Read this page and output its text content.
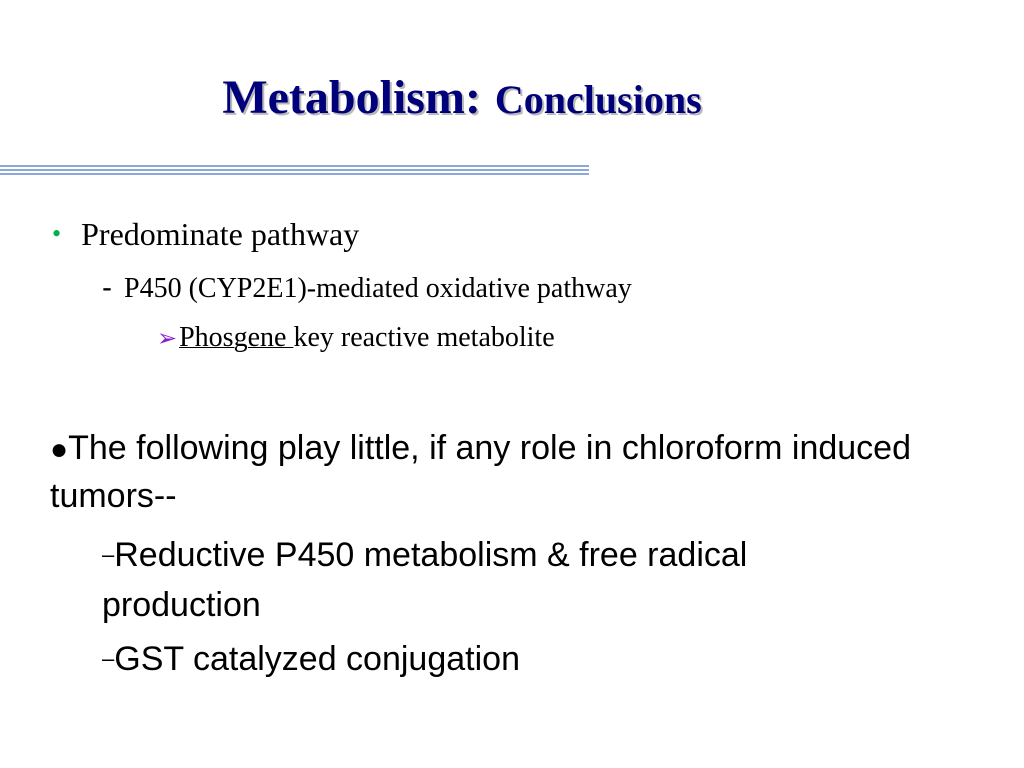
Metabolism: Conclusions
• Predominate pathway
- P450 (CYP2E1)-mediated oxidative pathway
➢Phosgene key reactive metabolite
●The following play little, if any role in chloroform induced tumors--
–Reductive P450 metabolism & free radical production
–GST catalyzed conjugation
